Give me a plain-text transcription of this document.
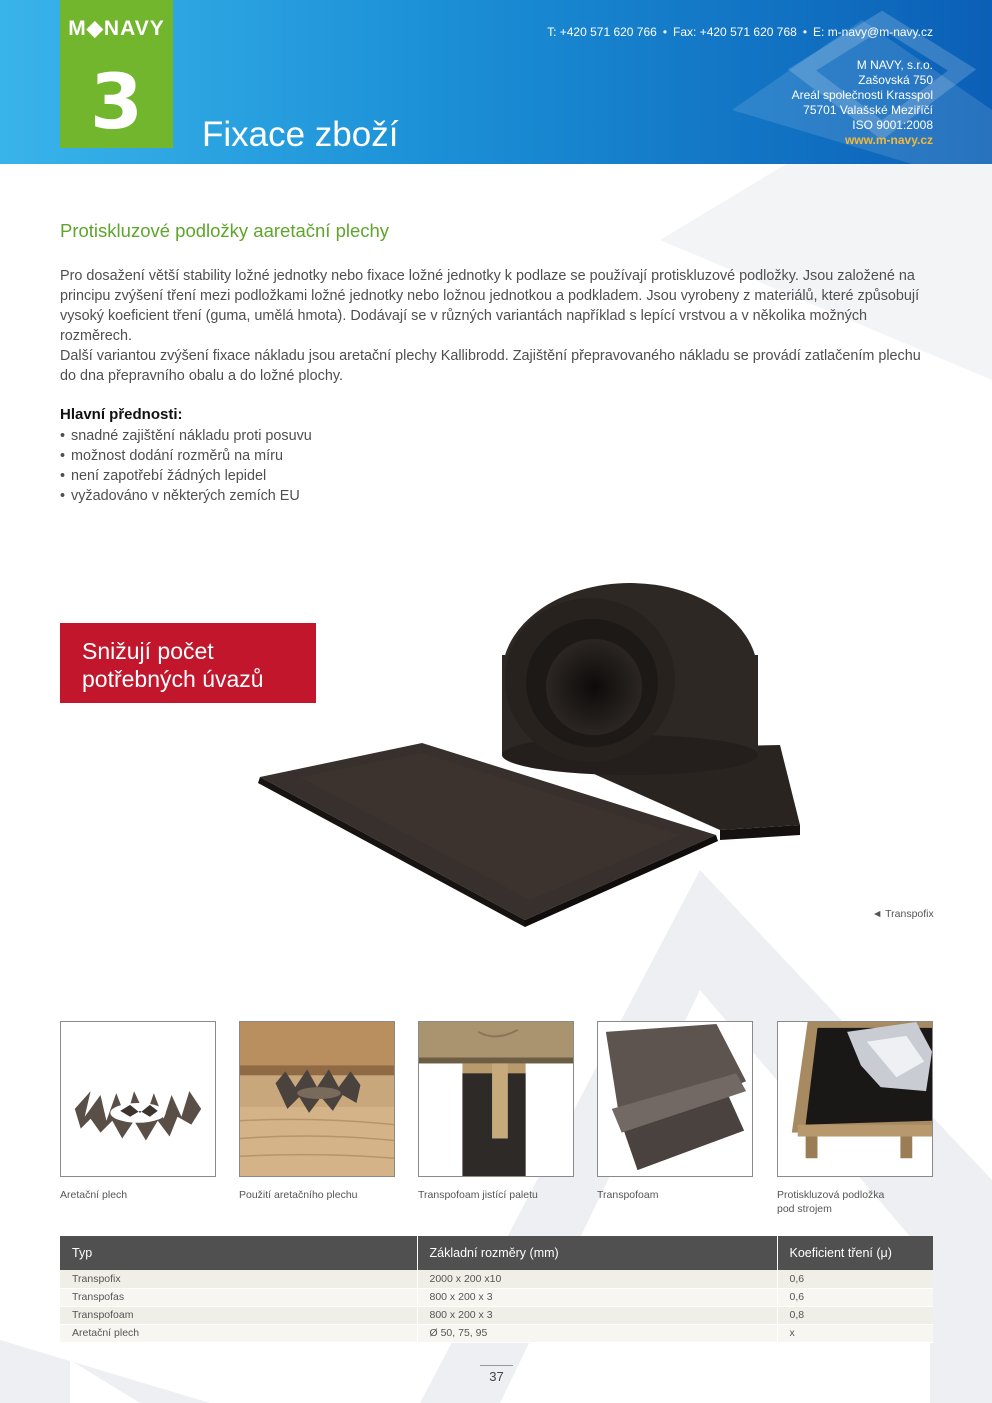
M◆NAVY
3	Fixace zboží
T: +420 571 620 766 • Fax: +420 571 620 768 • E: m-navy@m-navy.cz
M NAVY, s.r.o.
Zašovská 750
Areál společnosti Krasspol
75701 Valašské Meziříčí
ISO 9001:2008
www.m-navy.cz
Protiskluzové podložky aaretační plechy

Pro dosažení větší stability ložné jednotky nebo fixace ložné jednotky k podlaze se používají protiskluzové podložky. Jsou založené na principu zvýšení tření mezi podložkami ložné jednotky nebo ložnou jednotkou a podkladem. Jsou vyrobeny z materiálů, které způsobují vysoký koeficient tření (guma, umělá hmota). Dodávají se v různých variantách například s lepící vrstvou a v několika možných rozměrech.

Další variantou zvýšení fixace nákladu jsou aretační plechy Kallibrodd. Zajištění přepravovaného nákladu se provádí zatlačením plechu do dna přepravního obalu a do ložné plochy.

Hlavní přednosti:
• snadné zajištění nákladu proti posuvu
• možnost dodání rozměrů na míru
• není zapotřebí žádných lepidel
• vyžadováno v některých zemích EU
◄ Transpofix
Snižují počet
potřebných úvazů
Aretační plech	Použití aretačního plechu	Transpofoam jistící paletu	Transpofoam	Protiskluzová podložka pod strojem
Typ	Základní rozměry (mm)	Koeficient tření (μ)
Transpofix	2000 x 200 x10	0,6
Transpofas	800 x 200 x 3	0,6
Transpofoam	800 x 200 x 3	0,8
Aretační plech	Ø 50, 75, 95	x
37
